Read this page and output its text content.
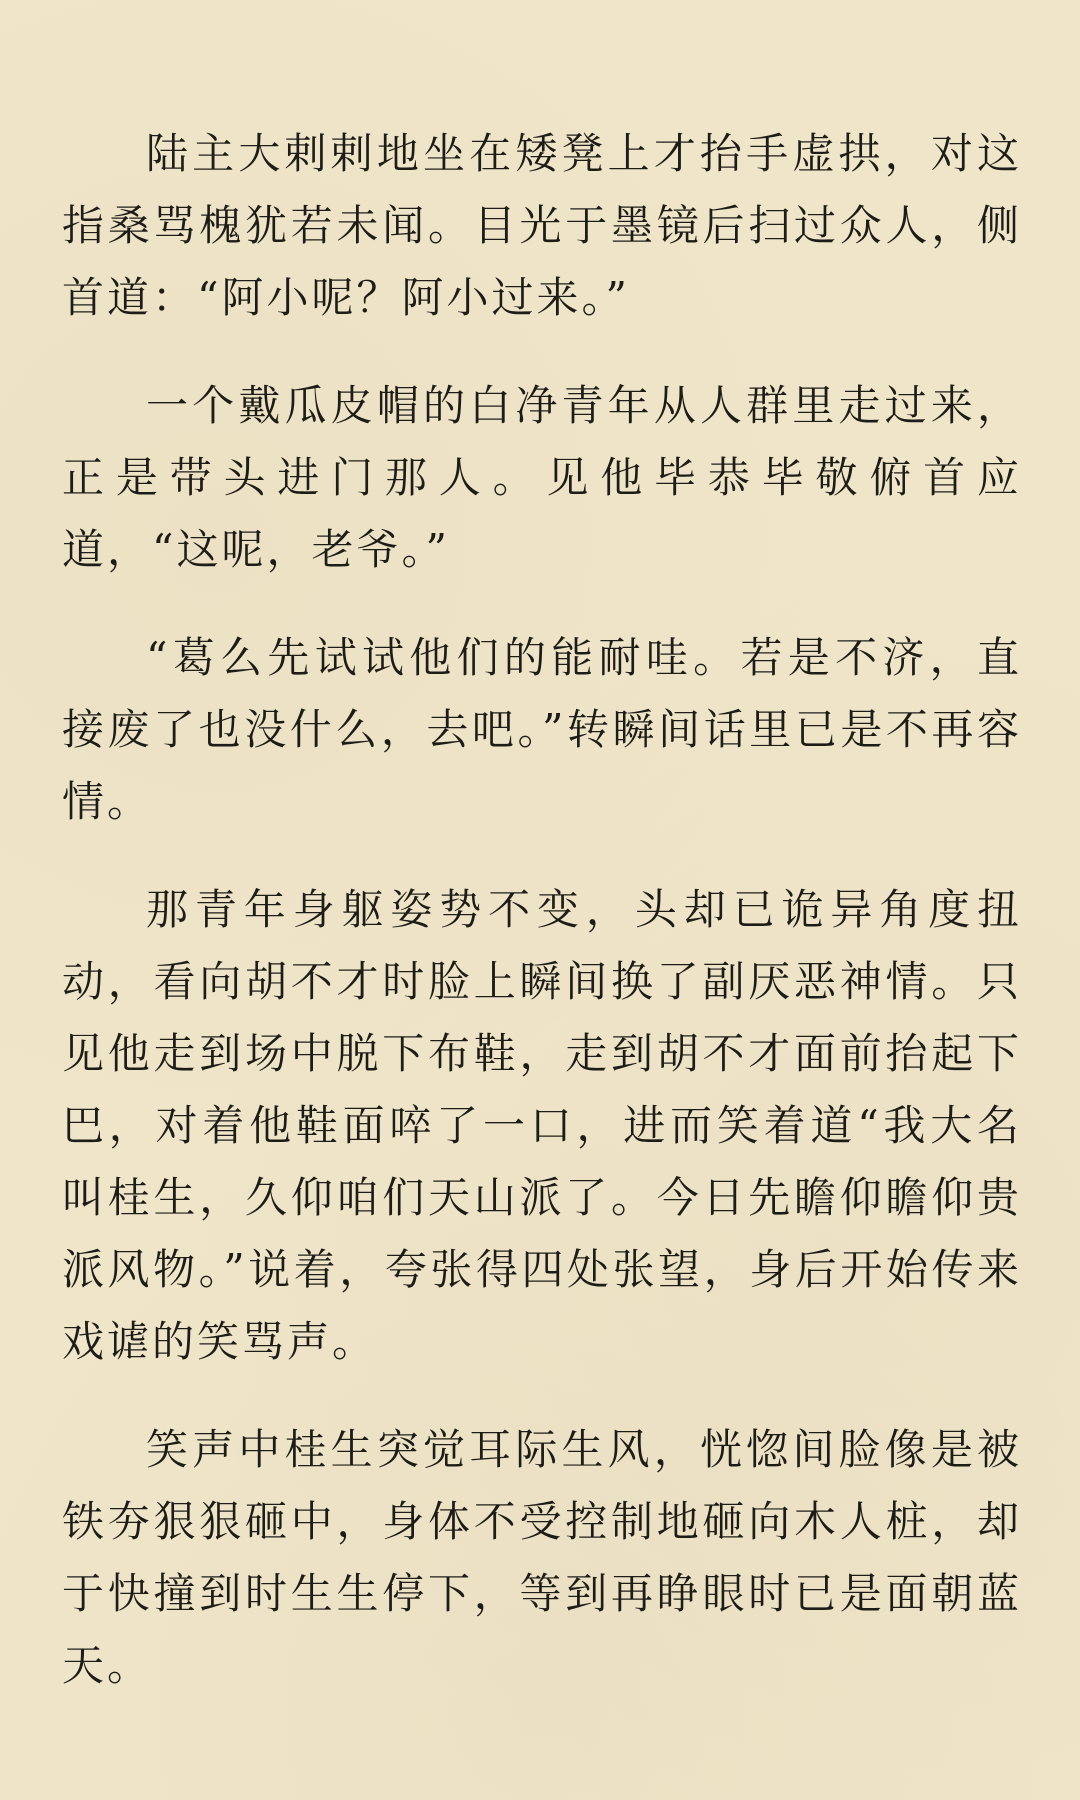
陆主大剌剌地坐在矮凳上才抬手虚拱，对这指桑骂槐犹若未闻。目光于墨镜后扫过众人，侧首道：“阿小呢？阿小过来。”

一个戴瓜皮帽的白净青年从人群里走过来，正是带头进门那人。见他毕恭毕敬俯首应道，“这呢，老爷。”

“葛么先试试他们的能耐哇。若是不济，直接废了也没什么，去吧。”转瞬间话里已是不再容情。

那青年身躯姿势不变，头却已诡异角度扭动，看向胡不才时脸上瞬间换了副厌恶神情。只见他走到场中脱下布鞋，走到胡不才面前抬起下巴，对着他鞋面啐了一口，进而笑着道“我大名叫桂生，久仰咱们天山派了。今日先瞻仰瞻仰贵派风物。”说着，夸张得四处张望，身后开始传来戏谑的笑骂声。

笑声中桂生突觉耳际生风，恍惚间脸像是被铁夯狠狠砸中，身体不受控制地砸向木人桩，却于快撞到时生生停下，等到再睁眼时已是面朝蓝天。
